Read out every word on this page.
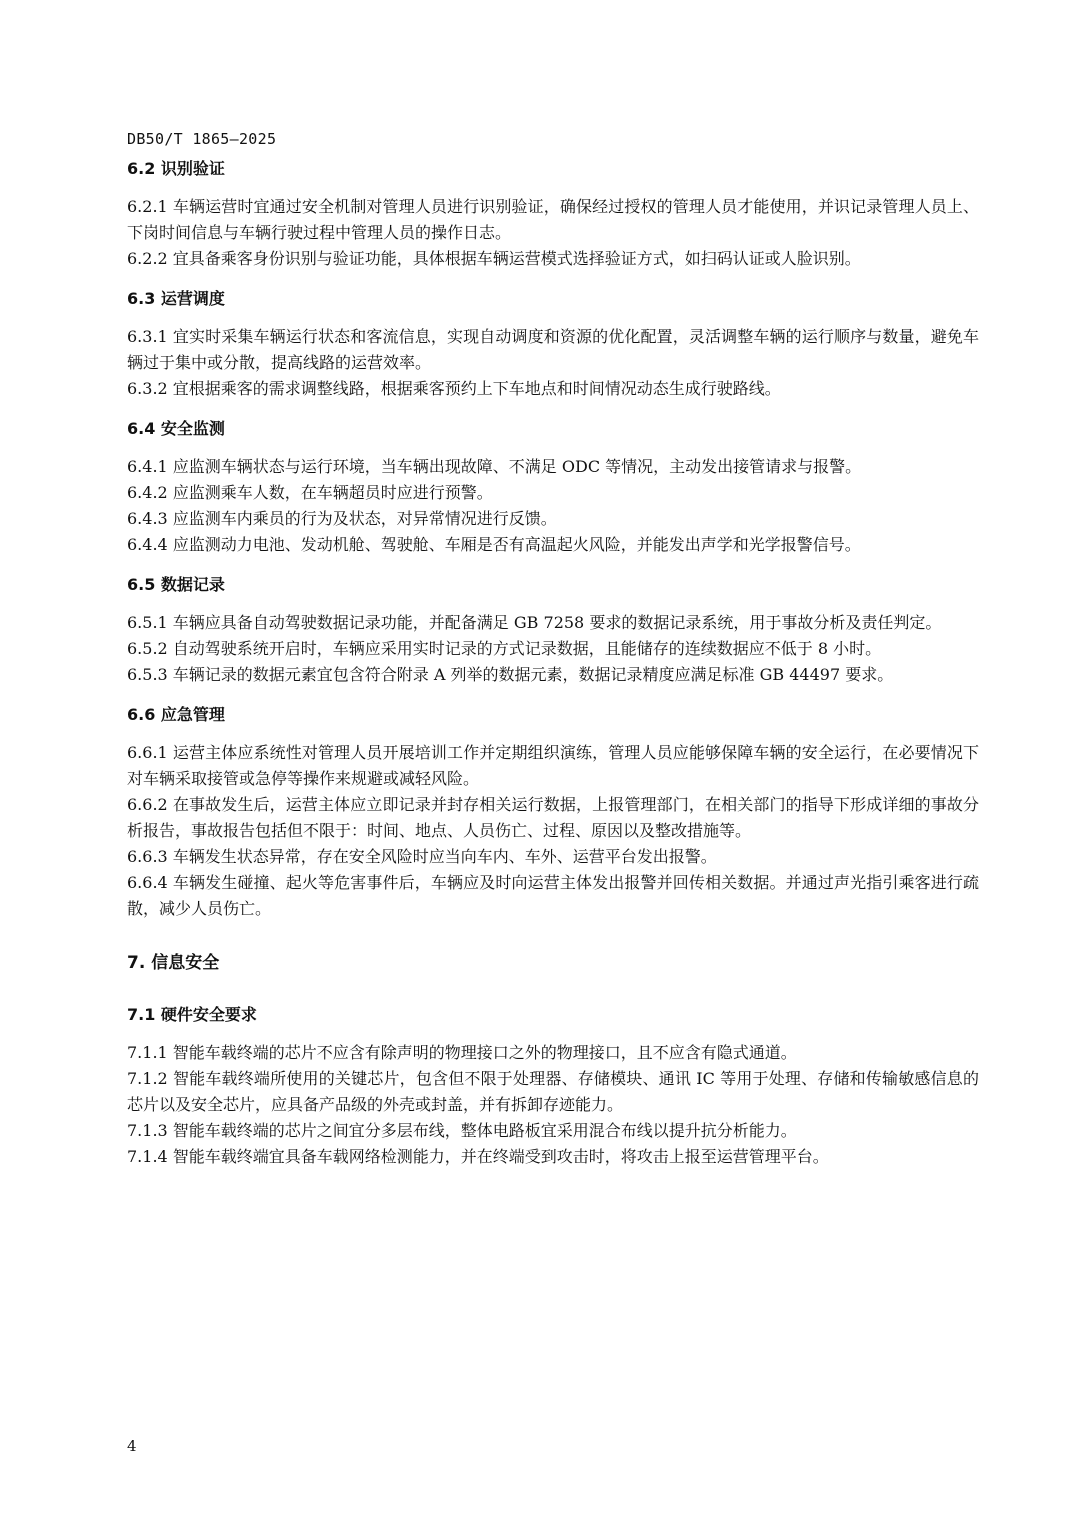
DB50/T 1865—2025
6.2 识别验证

6.2.1 车辆运营时宜通过安全机制对管理人员进行识别验证，确保经过授权的管理人员才能使用，并识记录管理人员上、下岗时间信息与车辆行驶过程中管理人员的操作日志。

6.2.2 宜具备乘客身份识别与验证功能，具体根据车辆运营模式选择验证方式，如扫码认证或人脸识别。

6.3 运营调度

6.3.1 宜实时采集车辆运行状态和客流信息，实现自动调度和资源的优化配置，灵活调整车辆的运行顺序与数量，避免车辆过于集中或分散，提高线路的运营效率。

6.3.2 宜根据乘客的需求调整线路，根据乘客预约上下车地点和时间情况动态生成行驶路线。

6.4 安全监测

6.4.1 应监测车辆状态与运行环境，当车辆出现故障、不满足 ODC 等情况，主动发出接管请求与报警。

6.4.2 应监测乘车人数，在车辆超员时应进行预警。

6.4.3 应监测车内乘员的行为及状态，对异常情况进行反馈。

6.4.4 应监测动力电池、发动机舱、驾驶舱、车厢是否有高温起火风险，并能发出声学和光学报警信号。

6.5 数据记录

6.5.1 车辆应具备自动驾驶数据记录功能，并配备满足 GB 7258 要求的数据记录系统，用于事故分析及责任判定。

6.5.2 自动驾驶系统开启时，车辆应采用实时记录的方式记录数据，且能储存的连续数据应不低于 8 小时。

6.5.3 车辆记录的数据元素宜包含符合附录 A 列举的数据元素，数据记录精度应满足标准 GB 44497 要求。

6.6 应急管理

6.6.1 运营主体应系统性对管理人员开展培训工作并定期组织演练，管理人员应能够保障车辆的安全运行，在必要情况下对车辆采取接管或急停等操作来规避或减轻风险。

6.6.2 在事故发生后，运营主体应立即记录并封存相关运行数据，上报管理部门，在相关部门的指导下形成详细的事故分析报告，事故报告包括但不限于：时间、地点、人员伤亡、过程、原因以及整改措施等。

6.6.3 车辆发生状态异常，存在安全风险时应当向车内、车外、运营平台发出报警。

6.6.4 车辆发生碰撞、起火等危害事件后，车辆应及时向运营主体发出报警并回传相关数据。并通过声光指引乘客进行疏散，减少人员伤亡。

7. 信息安全
7.1 硬件安全要求

7.1.1 智能车载终端的芯片不应含有除声明的物理接口之外的物理接口，且不应含有隐式通道。

7.1.2 智能车载终端所使用的关键芯片，包含但不限于处理器、存储模块、通讯 IC 等用于处理、存储和传输敏感信息的芯片以及安全芯片，应具备产品级的外壳或封盖，并有拆卸存迹能力。

7.1.3 智能车载终端的芯片之间宜分多层布线，整体电路板宜采用混合布线以提升抗分析能力。

7.1.4 智能车载终端宜具备车载网络检测能力，并在终端受到攻击时，将攻击上报至运营管理平台。

4
